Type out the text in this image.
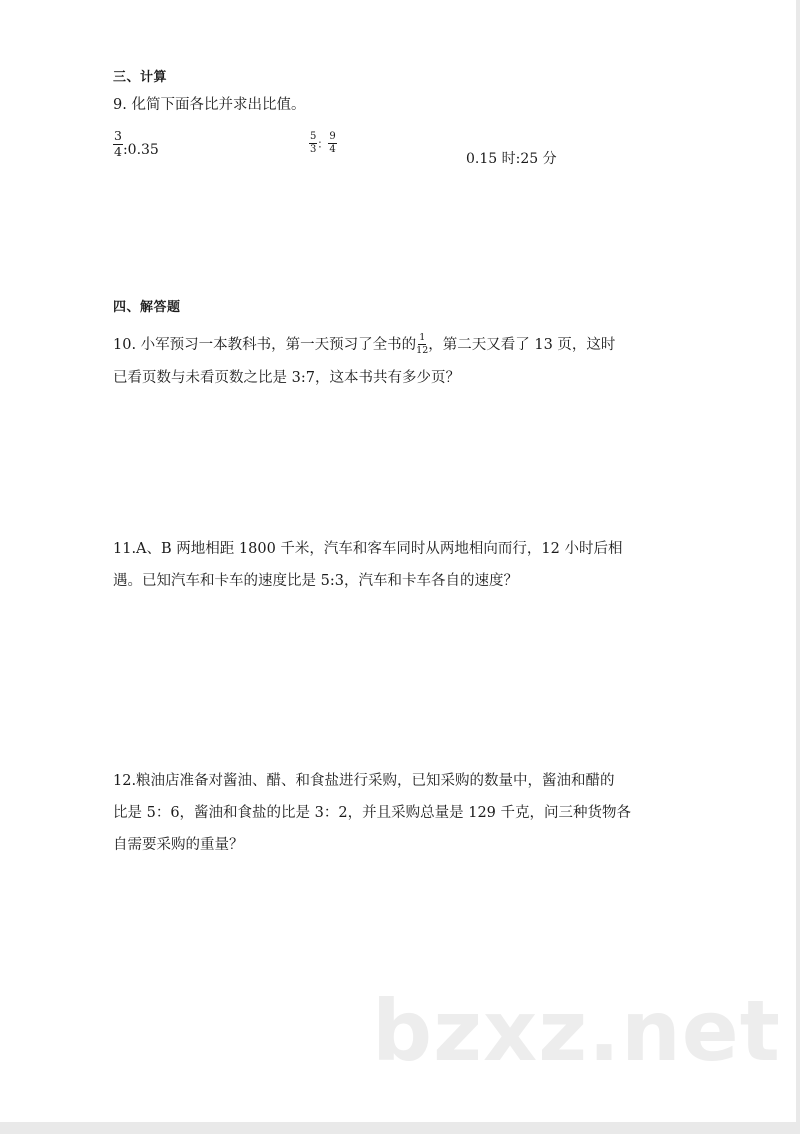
三、计算
9. 化简下面各比并求出比值。
$\frac{3}{4}$ :0.35	$\frac{5}{3}$ ： $\frac{9}{4}$
0.15 时:25 分
四、解答题
10. 小军预习一本教科书，第一天预习了全书的 $\frac{1}{12}$ ，第二天又看了 13 页，这时
已看页数与未看页数之比是 3:7，这本书共有多少页？
11.A、B 两地相距 1800 千米，汽车和客车同时从两地相向而行，12 小时后相
遇。已知汽车和卡车的速度比是 5:3，汽车和卡车各自的速度？
12.粮油店准备对酱油、醋、和食盐进行采购，已知采购的数量中，酱油和醋的
比是 5：6，酱油和食盐的比是 3：2，并且采购总量是 129 千克，问三种货物各
自需要采购的重量？
bzxz.net
